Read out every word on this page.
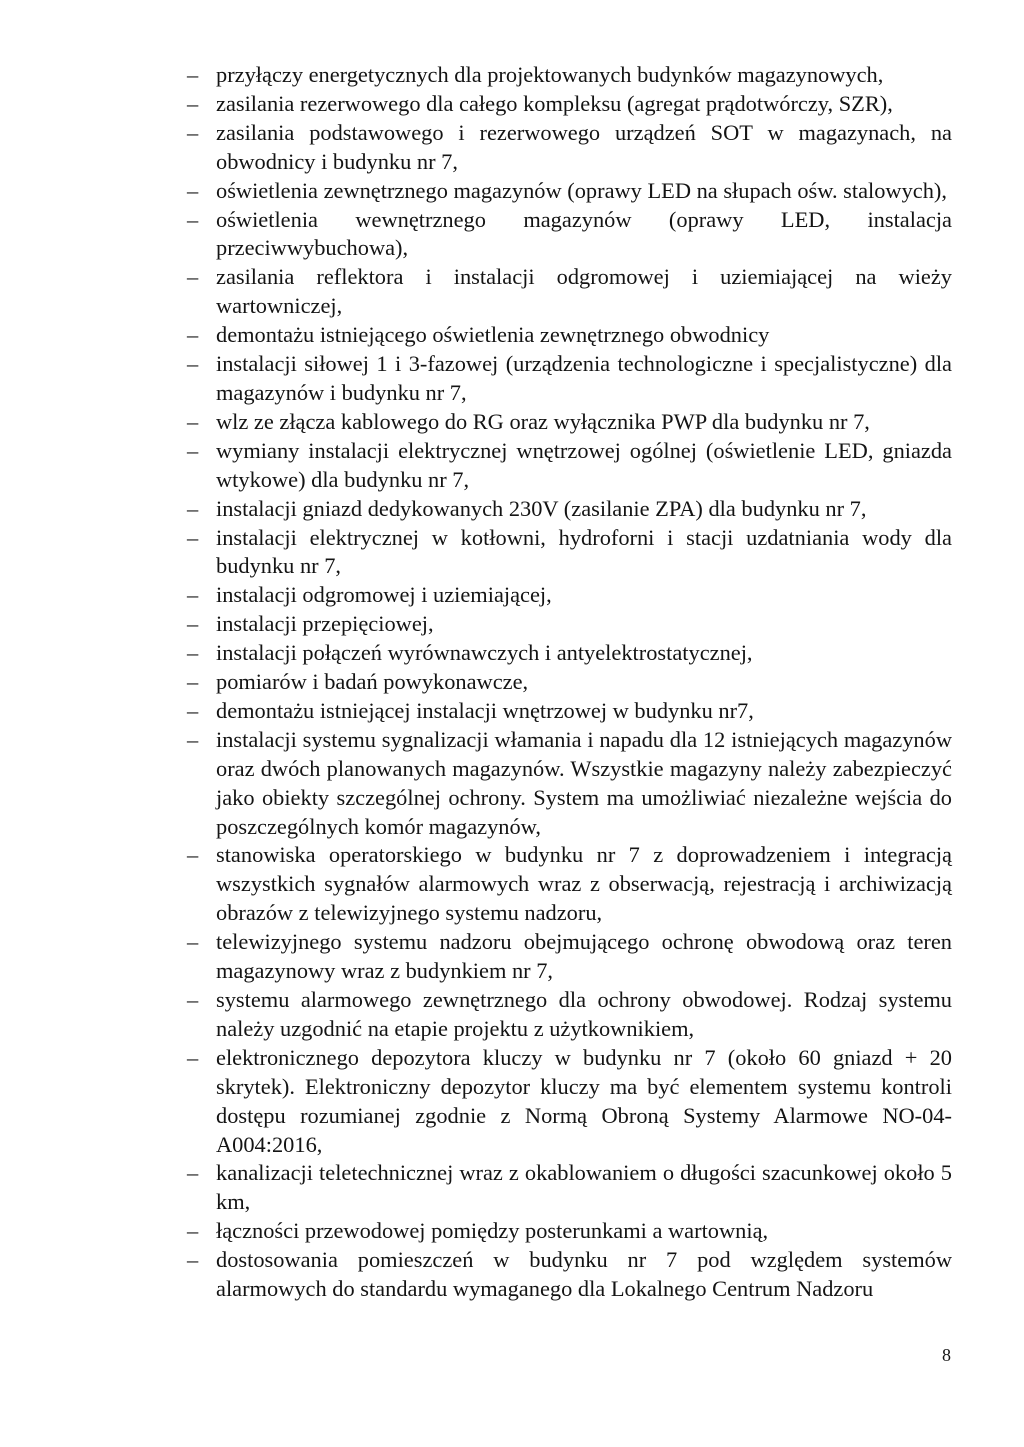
– przyłączy energetycznych dla projektowanych budynków magazynowych,
– zasilania rezerwowego dla całego kompleksu (agregat prądotwórczy, SZR),
– zasilania podstawowego i rezerwowego urządzeń SOT w magazynach, na obwodnicy i budynku nr 7,
– oświetlenia zewnętrznego magazynów (oprawy LED na słupach ośw. stalowych),
– oświetlenia wewnętrznego magazynów (oprawy LED, instalacja przeciwwybuchowa),
– zasilania reflektora i instalacji odgromowej i uziemiającej na wieży wartowniczej,
– demontażu istniejącego oświetlenia zewnętrznego obwodnicy
– instalacji siłowej 1 i 3-fazowej (urządzenia technologiczne i specjalistyczne) dla magazynów i budynku nr 7,
– wlz ze złącza kablowego do RG oraz wyłącznika PWP dla budynku nr 7,
– wymiany instalacji elektrycznej wnętrzowej ogólnej (oświetlenie LED, gniazda wtykowe) dla budynku nr 7,
– instalacji gniazd dedykowanych 230V (zasilanie ZPA) dla budynku nr 7,
– instalacji elektrycznej w kotłowni, hydroforni i stacji uzdatniania wody dla budynku nr 7,
– instalacji odgromowej i uziemiającej,
– instalacji przepięciowej,
– instalacji połączeń wyrównawczych i antyelektrostatycznej,
– pomiarów i badań powykonawcze,
– demontażu istniejącej instalacji wnętrzowej w budynku nr7,
– instalacji systemu sygnalizacji włamania i napadu dla 12 istniejących magazynów oraz dwóch planowanych magazynów. Wszystkie magazyny należy zabezpieczyć jako obiekty szczególnej ochrony. System ma umożliwiać niezależne wejścia do poszczególnych komór magazynów,
– stanowiska operatorskiego w budynku nr 7 z doprowadzeniem i integracją wszystkich sygnałów alarmowych wraz z obserwacją, rejestracją i archiwizacją obrazów z telewizyjnego systemu nadzoru,
– telewizyjnego systemu nadzoru obejmującego ochronę obwodową oraz teren magazynowy wraz z budynkiem nr 7,
– systemu alarmowego zewnętrznego dla ochrony obwodowej. Rodzaj systemu należy uzgodnić na etapie projektu z użytkownikiem,
– elektronicznego depozytora kluczy w budynku nr 7 (około 60 gniazd + 20 skrytek). Elektroniczny depozytor kluczy ma być elementem systemu kontroli dostępu rozumianej zgodnie z Normą Obroną Systemy Alarmowe NO-04-A004:2016,
– kanalizacji teletechnicznej wraz z okablowaniem o długości szacunkowej około 5 km,
– łączności przewodowej pomiędzy posterunkami a wartownią,
– dostosowania pomieszczeń w budynku nr 7 pod względem systemów alarmowych do standardu wymaganego dla Lokalnego Centrum Nadzoru
8
